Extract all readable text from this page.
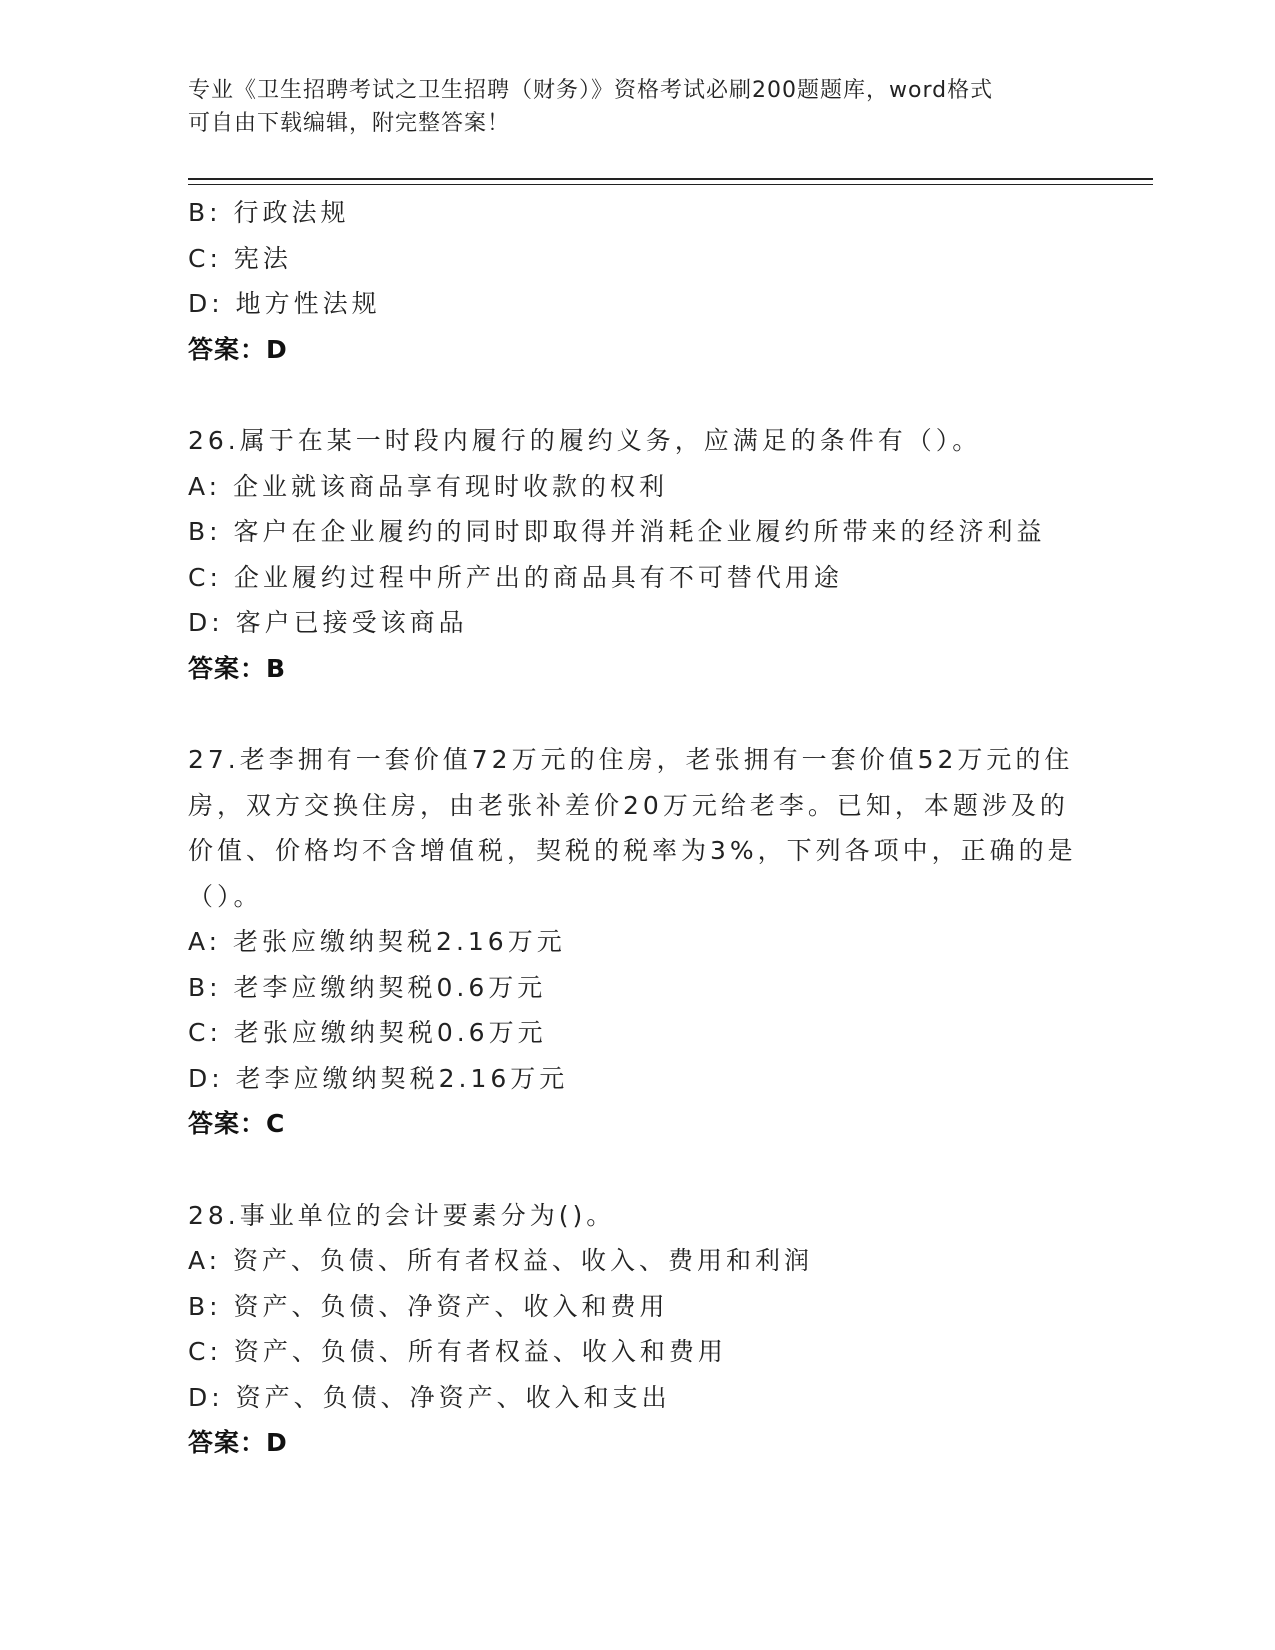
专业《卫生招聘考试之卫生招聘（财务）》资格考试必刷200题题库，word格式
可自由下载编辑，附完整答案！
B: 行政法规
C: 宪法
D: 地方性法规
答案：D
26.属于在某一时段内履行的履约义务，应满足的条件有（）。
A: 企业就该商品享有现时收款的权利
B: 客户在企业履约的同时即取得并消耗企业履约所带来的经济利益
C: 企业履约过程中所产出的商品具有不可替代用途
D: 客户已接受该商品
答案：B
27.老李拥有一套价值72万元的住房，老张拥有一套价值52万元的住
房，双方交换住房，由老张补差价20万元给老李。已知，本题涉及的
价值、价格均不含增值税，契税的税率为3%，下列各项中，正确的是
（）。
A: 老张应缴纳契税2.16万元
B: 老李应缴纳契税0.6万元
C: 老张应缴纳契税0.6万元
D: 老李应缴纳契税2.16万元
答案：C
28.事业单位的会计要素分为()。
A: 资产、负债、所有者权益、收入、费用和利润
B: 资产、负债、净资产、收入和费用
C: 资产、负债、所有者权益、收入和费用
D: 资产、负债、净资产、收入和支出
答案：D
